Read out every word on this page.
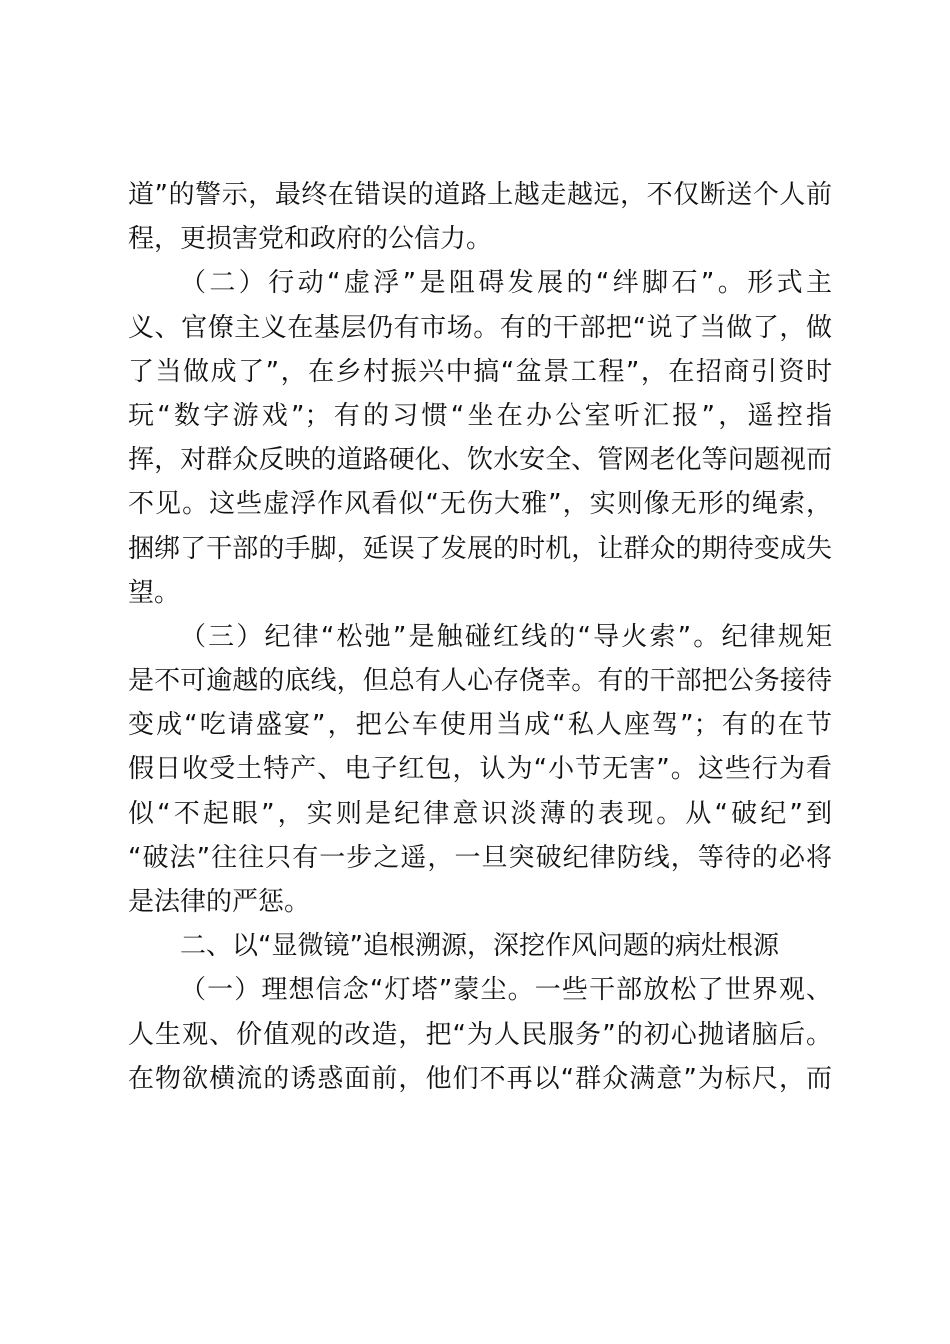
道”的警示，最终在错误的道路上越走越远，不仅断送个人前
程，更损害党和政府的公信力。
（二）行动“虚浮”是阻碍发展的“绊脚石”。形式主
义、官僚主义在基层仍有市场。有的干部把“说了当做了，做
了当做成了”，在乡村振兴中搞“盆景工程”，在招商引资时
玩“数字游戏”；有的习惯“坐在办公室听汇报”，遥控指
挥，对群众反映的道路硬化、饮水安全、管网老化等问题视而
不见。这些虚浮作风看似“无伤大雅”，实则像无形的绳索，
捆绑了干部的手脚，延误了发展的时机，让群众的期待变成失
望。
（三）纪律“松弛”是触碰红线的“导火索”。纪律规矩
是不可逾越的底线，但总有人心存侥幸。有的干部把公务接待
变成“吃请盛宴”，把公车使用当成“私人座驾”；有的在节
假日收受土特产、电子红包，认为“小节无害”。这些行为看
似“不起眼”，实则是纪律意识淡薄的表现。从“破纪”到
“破法”往往只有一步之遥，一旦突破纪律防线，等待的必将
是法律的严惩。
二、以“显微镜”追根溯源，深挖作风问题的病灶根源
（一）理想信念“灯塔”蒙尘。一些干部放松了世界观、
人生观、价值观的改造，把“为人民服务”的初心抛诸脑后。
在物欲横流的诱惑面前，他们不再以“群众满意”为标尺，而
